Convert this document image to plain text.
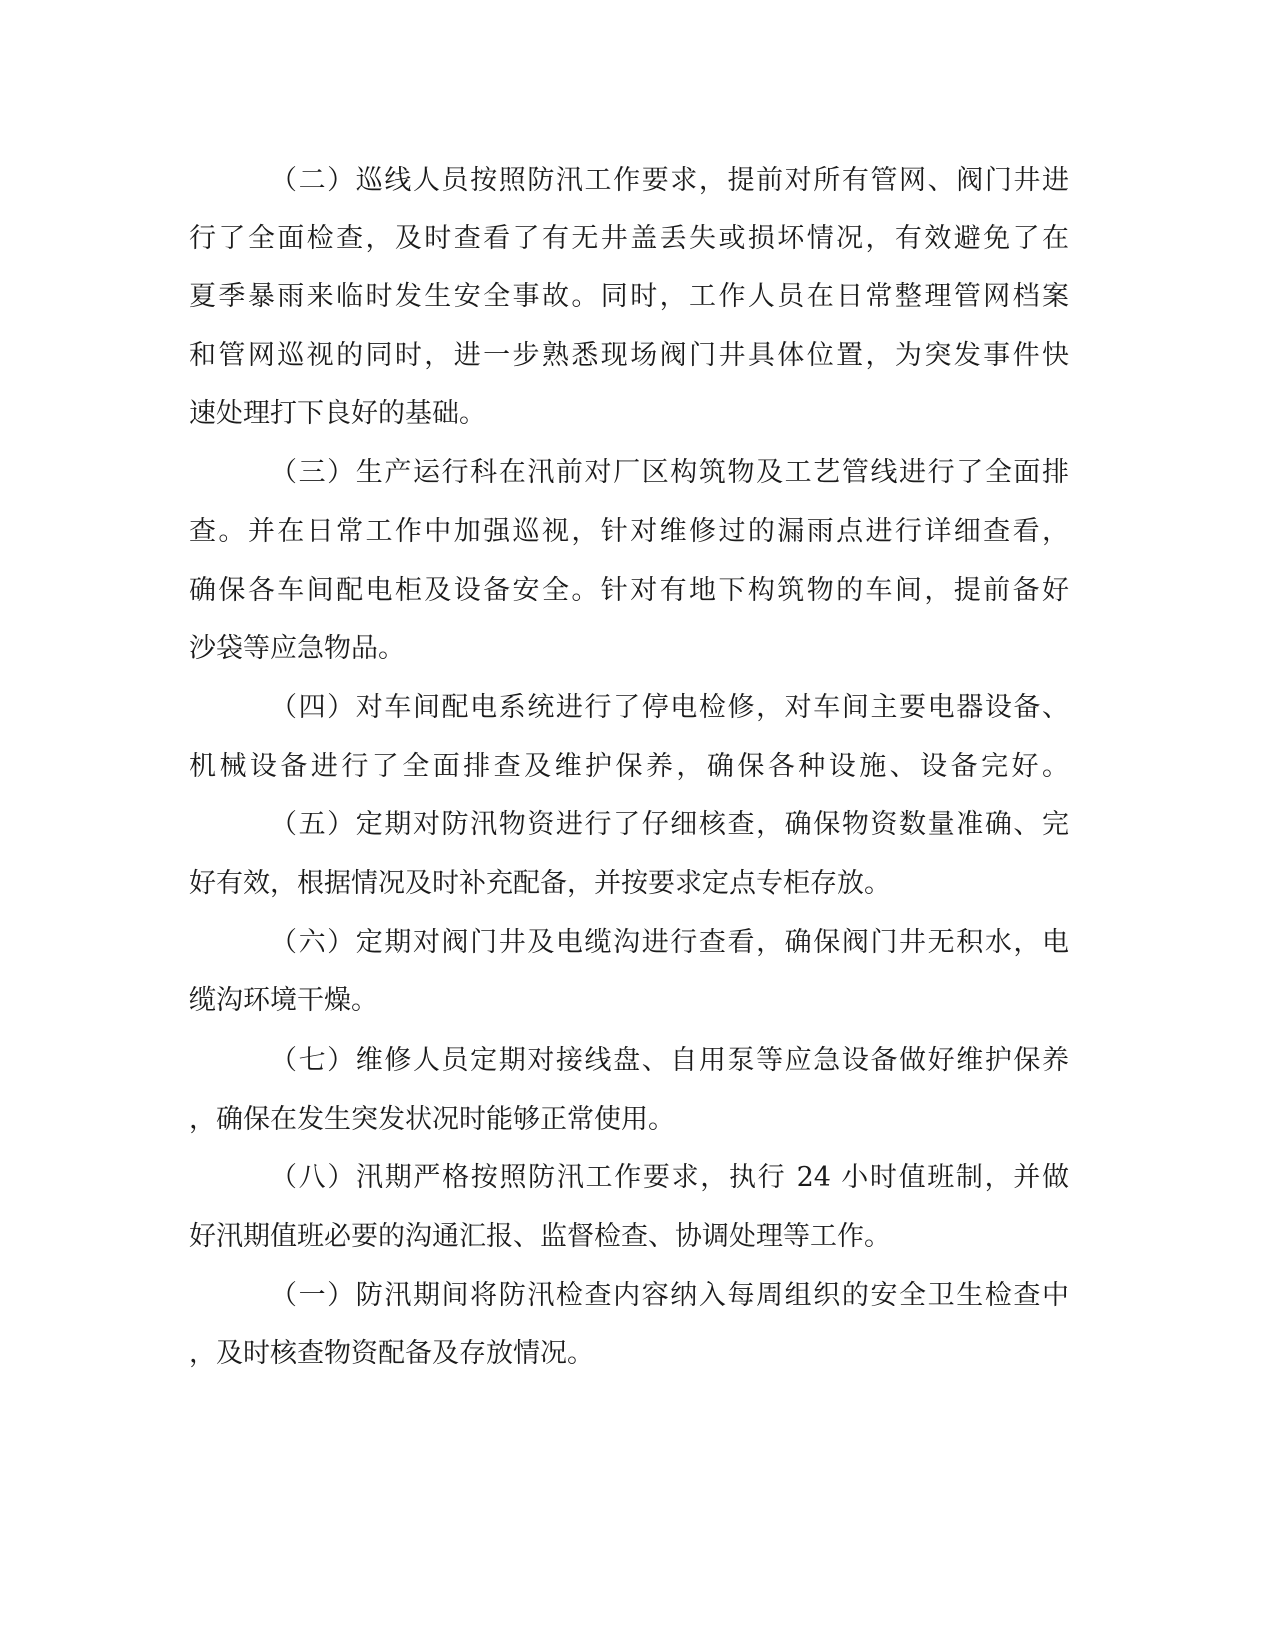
（二）巡线人员按照防汛工作要求，提前对所有管网、阀门井进
行了全面检查，及时查看了有无井盖丢失或损坏情况，有效避免了在
夏季暴雨来临时发生安全事故。同时，工作人员在日常整理管网档案
和管网巡视的同时，进一步熟悉现场阀门井具体位置，为突发事件快
速处理打下良好的基础。
（三）生产运行科在汛前对厂区构筑物及工艺管线进行了全面排
查。并在日常工作中加强巡视，针对维修过的漏雨点进行详细查看，
确保各车间配电柜及设备安全。针对有地下构筑物的车间，提前备好
沙袋等应急物品。
（四）对车间配电系统进行了停电检修，对车间主要电器设备、
机械设备进行了全面排查及维护保养，确保各种设施、设备完好。
（五）定期对防汛物资进行了仔细核查，确保物资数量准确、完
好有效，根据情况及时补充配备，并按要求定点专柜存放。
（六）定期对阀门井及电缆沟进行查看，确保阀门井无积水，电
缆沟环境干燥。
（七）维修人员定期对接线盘、自用泵等应急设备做好维护保养
，确保在发生突发状况时能够正常使用。
（八）汛期严格按照防汛工作要求，执行 24 小时值班制，并做
好汛期值班必要的沟通汇报、监督检查、协调处理等工作。
（一）防汛期间将防汛检查内容纳入每周组织的安全卫生检查中
，及时核查物资配备及存放情况。
